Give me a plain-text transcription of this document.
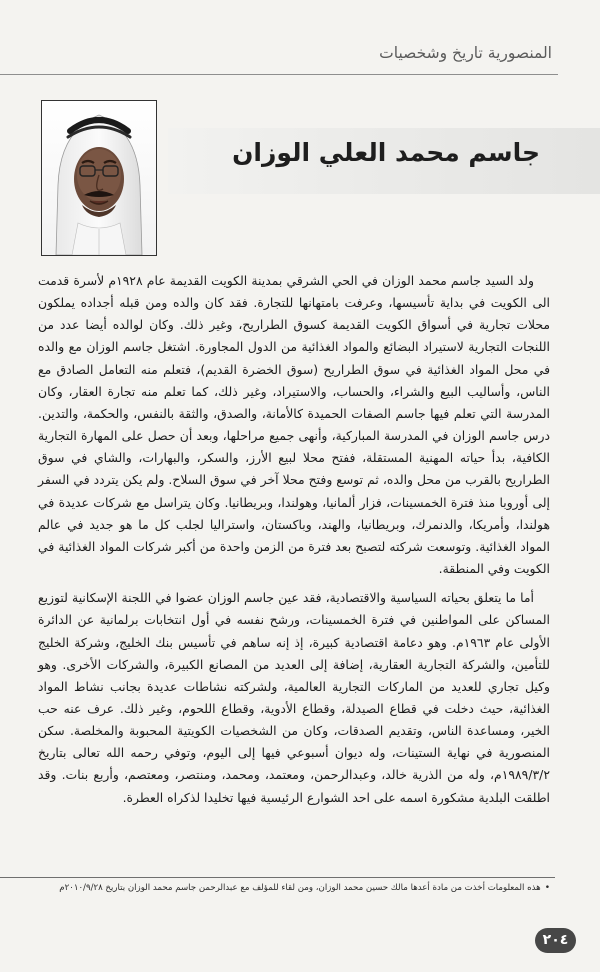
المنصورية تاريخ وشخصيات
جاسم محمد العلي الوزان

ولد السيد جاسم محمد الوزان في الحي الشرقي بمدينة الكويت القديمة عام ١٩٢٨م لأسرة قدمت الى الكويت في بداية تأسيسها، وعرفت بامتهانها للتجارة. فقد كان والده ومن قبله أجداده يملكون محلات تجارية في أسواق الكويت القديمة كسوق الطراريح، وغير ذلك. وكان لوالده أيضا عدد من اللنجات التجارية لاستيراد البضائع والمواد الغذائية من الدول المجاورة. اشتغل جاسم الوزان مع والده في محل المواد الغذائية في سوق الطراريح (سوق الخضرة القديم)، فتعلم منه التعامل الصادق مع الناس، وأساليب البيع والشراء، والحساب، والاستيراد، وغير ذلك، كما تعلم منه تجارة العقار، وكان المدرسة التي تعلم فيها جاسم الصفات الحميدة كالأمانة، والصدق، والثقة بالنفس، والحكمة، والتدين. درس جاسم الوزان في المدرسة المباركية، وأنهى جميع مراحلها، وبعد أن حصل على المهارة التجارية الكافية، بدأ حياته المهنية المستقلة، ففتح محلا لبيع الأرز، والسكر، والبهارات، والشاي في سوق الطراريح بالقرب من محل والده، ثم توسع وفتح محلا آخر في سوق السلاح. ولم يكن يتردد في السفر إلى أوروبا منذ فترة الخمسينات، فزار ألمانيا، وهولندا، وبريطانيا. وكان يتراسل مع شركات عديدة في هولندا، وأمريكا، والدنمرك، وبريطانيا، والهند، وباكستان، واستراليا لجلب كل ما هو جديد في عالم المواد الغذائية. وتوسعت شركته لتصبح بعد فترة من الزمن واحدة من أكبر شركات المواد الغذائية في الكويت وفي المنطقة.

أما ما يتعلق بحياته السياسية والاقتصادية، فقد عين جاسم الوزان عضوا في اللجنة الإسكانية لتوزيع المساكن على المواطنين في فترة الخمسينات، ورشح نفسه في أول انتخابات برلمانية عن الدائرة الأولى عام ١٩٦٣م. وهو دعامة اقتصادية كبيرة، إذ إنه ساهم في تأسيس بنك الخليج، وشركة الخليج للتأمين، والشركة التجارية العقارية، إضافة إلى العديد من المصانع الكبيرة، والشركات الأخرى. وهو وكيل تجاري للعديد من الماركات التجارية العالمية، ولشركته نشاطات عديدة بجانب نشاط المواد الغذائية، حيث دخلت في قطاع الصيدلة، وقطاع الأدوية، وقطاع اللحوم، وغير ذلك. عرف عنه حب الخير، ومساعدة الناس، وتقديم الصدقات، وكان من الشخصيات الكويتية المحبوبة والمخلصة. سكن المنصورية في نهاية الستينات، وله ديوان أسبوعي فيها إلى اليوم، وتوفي رحمه الله تعالى بتاريخ ١٩٨٩/٣/٢م، وله من الذرية خالد، وعبدالرحمن، ومعتمد، ومحمد، ومنتصر، ومعتصم، وأربع بنات. وقد اطلقت البلدية مشكورة اسمه على احد الشوارع الرئيسية فيها تخليدا لذكراه العطرة.

•
هذه المعلومات أخذت من مادة أعدها مالك حسين محمد الوزان، ومن لقاء للمؤلف مع عبدالرحمن جاسم محمد الوزان بتاريخ ٢٠١٠/٩/٢٨م
٢٠٤
